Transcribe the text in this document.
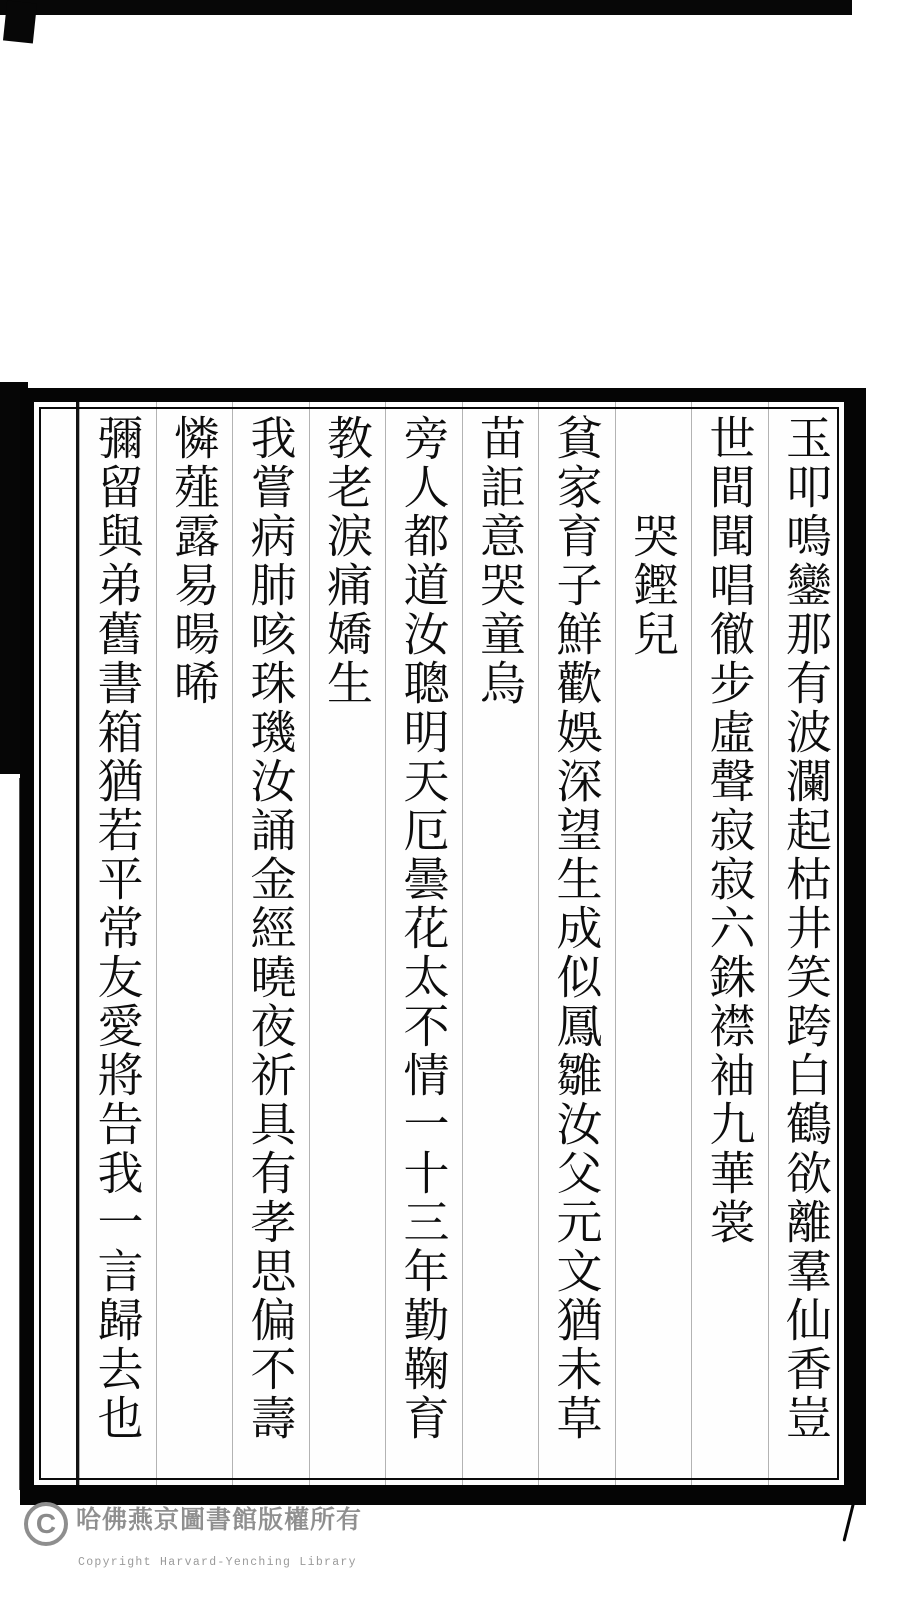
玉叩鳴鑾那有波瀾起枯井笑跨白鶴欲離羣仙香豈
世間聞唱徹步虛聲寂寂六銖襟袖九華裳
哭鏗兒
貧家育子鮮歡娛深望生成似鳳雛汝父元文猶未草
苗詎意哭童烏
旁人都道汝聰明天厄曇花太不情一十三年勤鞠育
教老淚痛嬌生
我嘗病肺咳珠璣汝誦金經曉夜祈具有孝思偏不壽
憐薤露易暘晞
彌留與弟舊書箱猶若平常友愛將告我一言歸去也
C 哈佛燕京圖書館版權所有
Copyright Harvard-Yenching Library
